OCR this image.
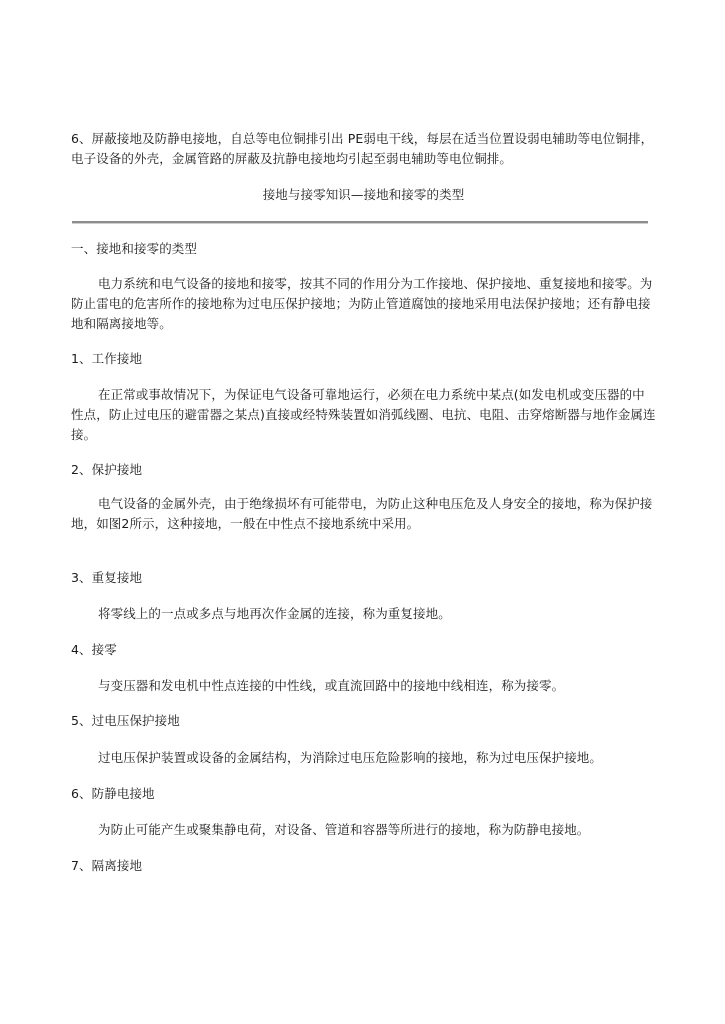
6、屏蔽接地及防静电接地，自总等电位铜排引出 PE弱电干线，每层在适当位置设弱电辅助等电位铜排，电子设备的外壳，金属管路的屏蔽及抗静电接地均引起至弱电辅助等电位铜排。
接地与接零知识—接地和接零的类型
一、接地和接零的类型
电力系统和电气设备的接地和接零，按其不同的作用分为工作接地、保护接地、重复接地和接零。为防止雷电的危害所作的接地称为过电压保护接地；为防止管道腐蚀的接地采用电法保护接地；还有静电接地和隔离接地等。
1、工作接地
在正常或事故情况下，为保证电气设备可靠地运行，必须在电力系统中某点(如发电机或变压器的中性点，防止过电压的避雷器之某点)直接或经特殊装置如消弧线圈、电抗、电阻、击穿熔断器与地作金属连接。
2、保护接地
电气设备的金属外壳，由于绝缘损坏有可能带电，为防止这种电压危及人身安全的接地，称为保护接地，如图2所示，这种接地，一般在中性点不接地系统中采用。
3、重复接地
将零线上的一点或多点与地再次作金属的连接，称为重复接地。
4、接零
与变压器和发电机中性点连接的中性线，或直流回路中的接地中线相连，称为接零。
5、过电压保护接地
过电压保护装置或设备的金属结构，为消除过电压危险影响的接地，称为过电压保护接地。
6、防静电接地
为防止可能产生或聚集静电荷，对设备、管道和容器等所进行的接地，称为防静电接地。
7、隔离接地
